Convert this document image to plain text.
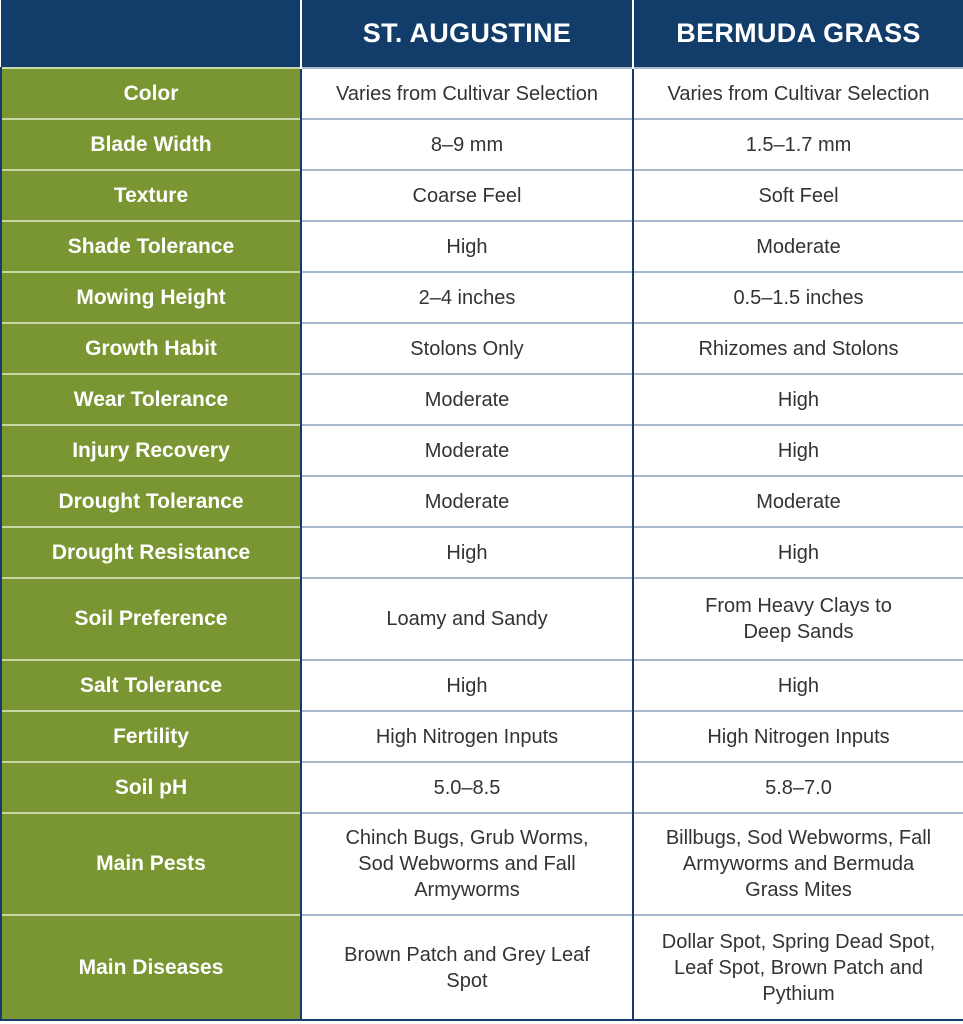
	ST. AUGUSTINE	BERMUDA GRASS
Color	Varies from Cultivar Selection	Varies from Cultivar Selection
Blade Width	8–9 mm	1.5–1.7 mm
Texture	Coarse Feel	Soft Feel
Shade Tolerance	High	Moderate
Mowing Height	2–4 inches	0.5–1.5 inches
Growth Habit	Stolons Only	Rhizomes and Stolons
Wear Tolerance	Moderate	High
Injury Recovery	Moderate	High
Drought Tolerance	Moderate	Moderate
Drought Resistance	High	High
Soil Preference	Loamy and Sandy	From Heavy Clays to Deep Sands
Salt Tolerance	High	High
Fertility	High Nitrogen Inputs	High Nitrogen Inputs
Soil pH	5.0–8.5	5.8–7.0
Main Pests	Chinch Bugs, Grub Worms, Sod Webworms and Fall Armyworms	Billbugs, Sod Webworms, Fall Armyworms and Bermuda Grass Mites
Main Diseases	Brown Patch and Grey Leaf Spot	Dollar Spot, Spring Dead Spot, Leaf Spot, Brown Patch and Pythium
